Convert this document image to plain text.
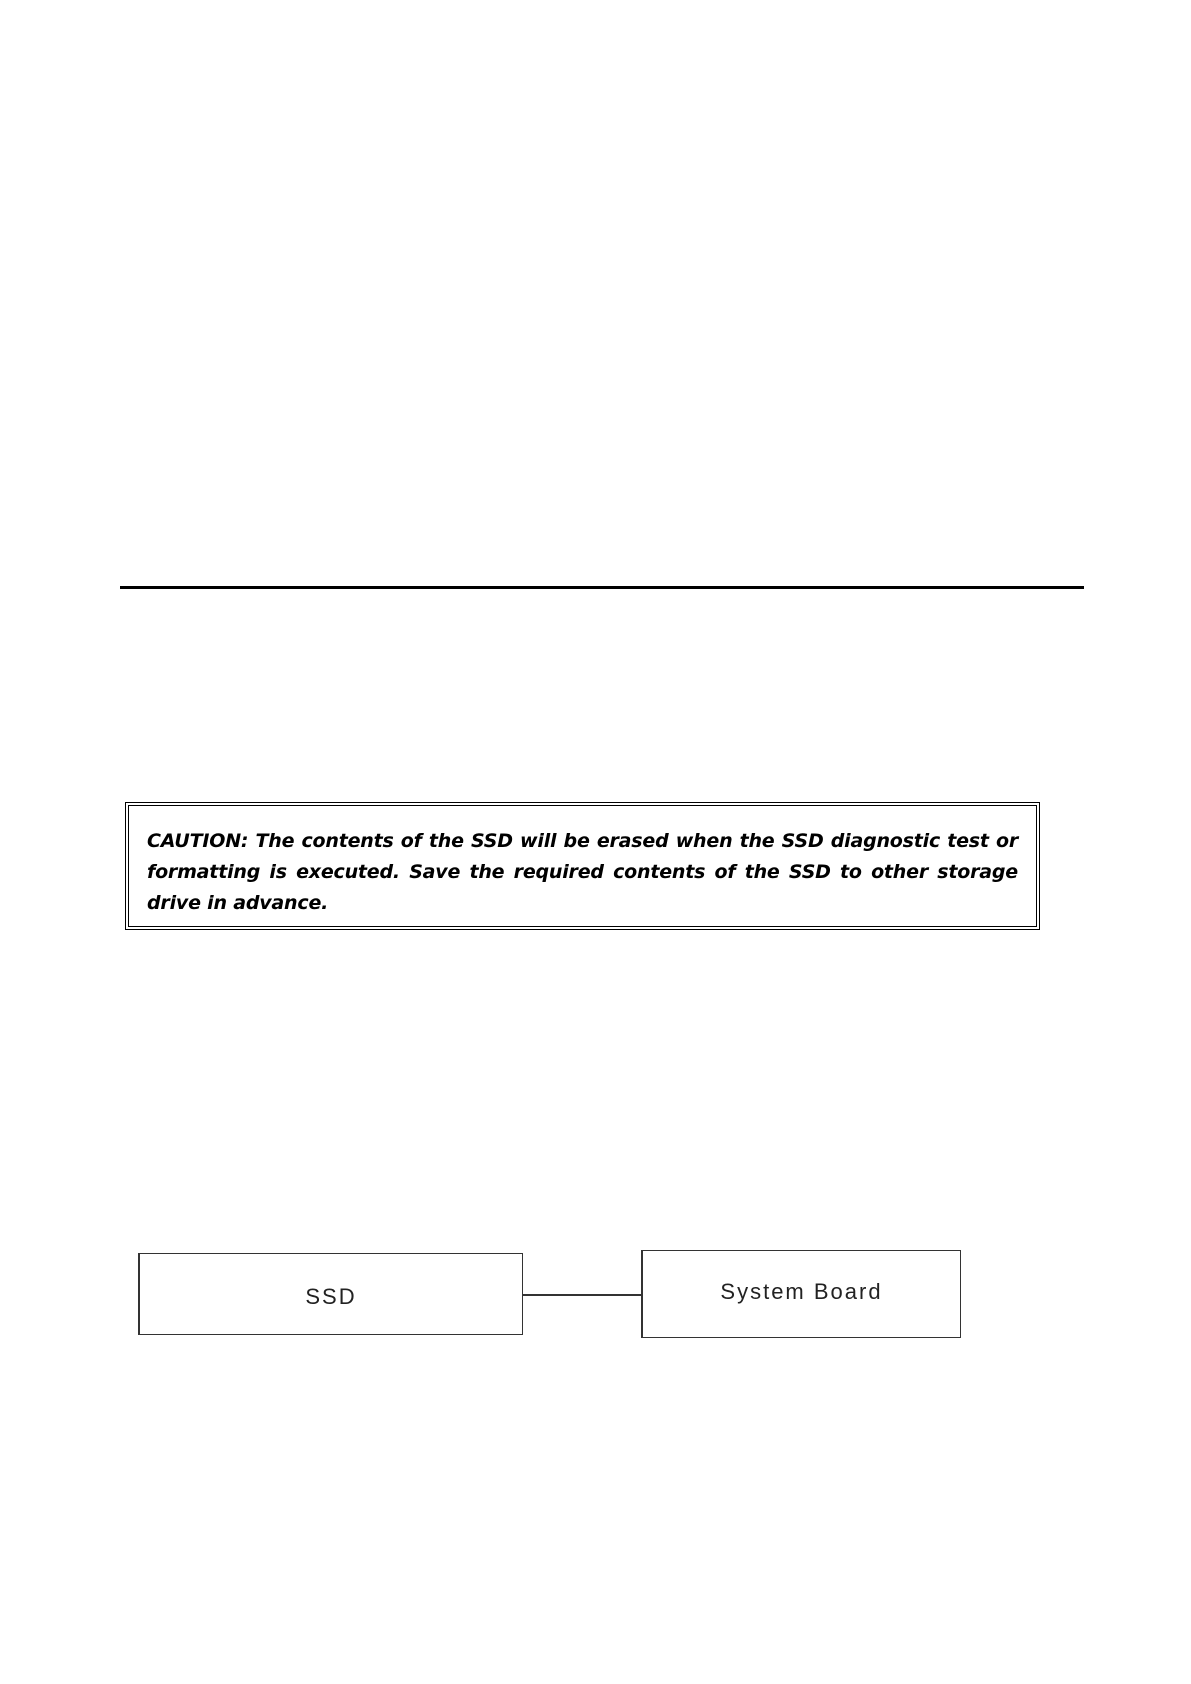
CAUTION: The contents of the SSD will be erased when the SSD diagnostic test or formatting is executed. Save the required contents of the SSD to other storage drive in advance.

SSD	System Board
